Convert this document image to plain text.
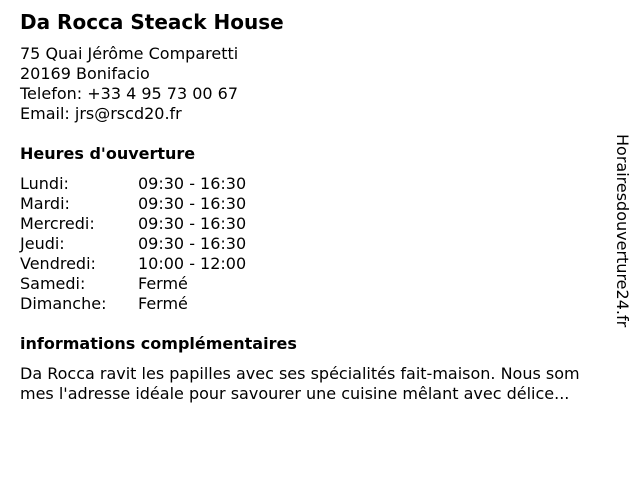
Da Rocca Steack House
75 Quai Jérôme Comparetti
20169 Bonifacio
Telefon: +33 4 95 73 00 67
Email: jrs@rscd20.fr
Heures d'ouverture
Lundi:	09:30 - 16:30
Mardi:	09:30 - 16:30
Mercredi:	09:30 - 16:30
Jeudi:	09:30 - 16:30
Vendredi:	10:00 - 12:00
Samedi:	Fermé
Dimanche: Fermé
informations complémentaires
Da Rocca ravit les papilles avec ses spécialités fait-maison. Nous som
mes l'adresse idéale pour savourer une cuisine mêlant avec délice...
Horairesdouverture24.fr
